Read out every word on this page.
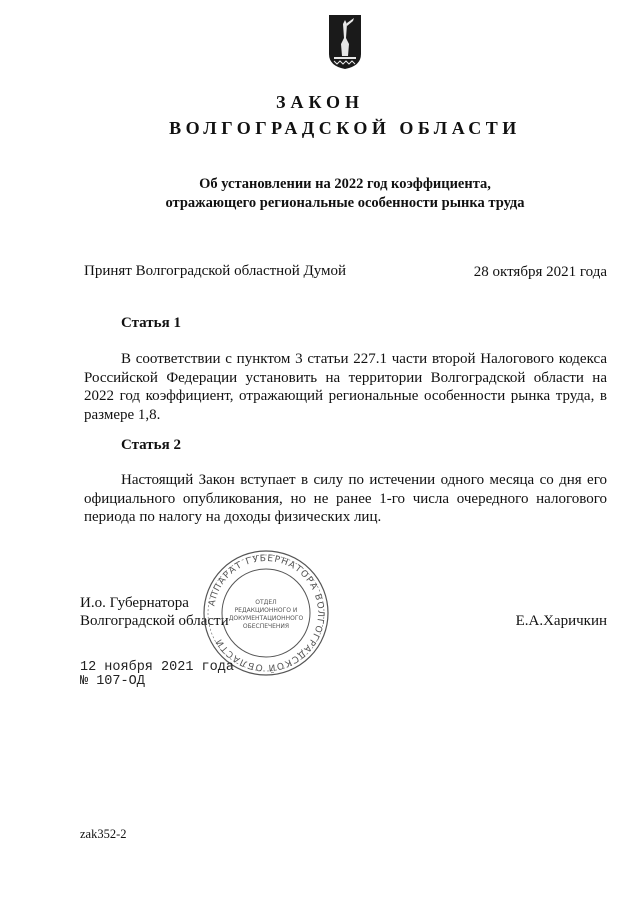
ЗАКОН
ВОЛГОГРАДСКОЙ ОБЛАСТИ
Об установлении на 2022 год коэффициента,
отражающего региональные особенности рынка труда
Принят Волгоградской областной Думой	28 октября 2021 года
Статья 1

В соответствии с пунктом 3 статьи 227.1 части второй Налогового кодекса Российской Федерации установить на территории Волгоградской области на 2022 год коэффициент, отражающий региональные особенности рынка труда, в размере 1,8.

Статья 2

Настоящий Закон вступает в силу по истечении одного месяца со дня его официального опубликования, но не ранее 1-го числа очередного налогового периода по налогу на доходы физических лиц.

И.о. Губернатора
Волгоградской области	Е.А.Харичкин
АППАРАТ ГУБЕРНАТОРА ВОЛГОГРАДСКОЙ ОБЛАСТИ
ОТДЕЛ
РЕДАКЦИОННОГО И
ДОКУМЕНТАЦИОННОГО
ОБЕСПЕЧЕНИЯ
12 ноября 2021 года
№ 107-ОД
zak352-2
